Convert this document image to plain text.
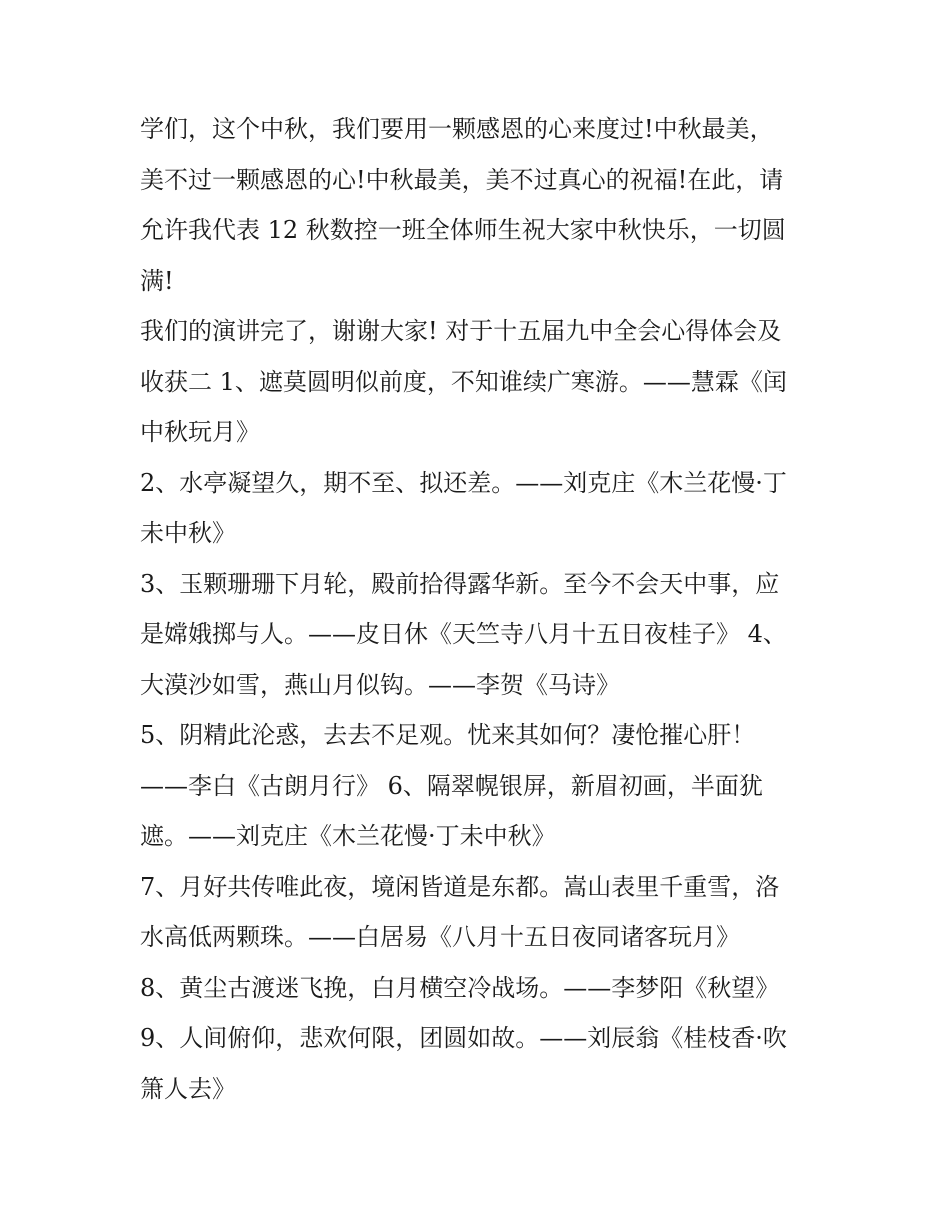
学们，这个中秋，我们要用一颗感恩的心来度过!中秋最美，
美不过一颗感恩的心!中秋最美，美不过真心的祝福!在此，请
允许我代表 12 秋数控一班全体师生祝大家中秋快乐，一切圆
满!
我们的演讲完了，谢谢大家! 对于十五届九中全会心得体会及
收获二 1、遮莫圆明似前度，不知谁续广寒游。——慧霖《闰
中秋玩月》
2、水亭凝望久，期不至、拟还差。——刘克庄《木兰花慢·丁
未中秋》
3、玉颗珊珊下月轮，殿前拾得露华新。至今不会天中事，应
是嫦娥掷与人。——皮日休《天竺寺八月十五日夜桂子》 4、
大漠沙如雪，燕山月似钩。——李贺《马诗》
5、阴精此沦惑，去去不足观。忧来其如何？凄怆摧心肝！
——李白《古朗月行》 6、隔翠幌银屏，新眉初画，半面犹
遮。——刘克庄《木兰花慢·丁未中秋》
7、月好共传唯此夜，境闲皆道是东都。嵩山表里千重雪，洛
水高低两颗珠。——白居易《八月十五日夜同诸客玩月》
8、黄尘古渡迷飞挽，白月横空冷战场。——李梦阳《秋望》
9、人间俯仰，悲欢何限，团圆如故。——刘辰翁《桂枝香·吹
箫人去》
